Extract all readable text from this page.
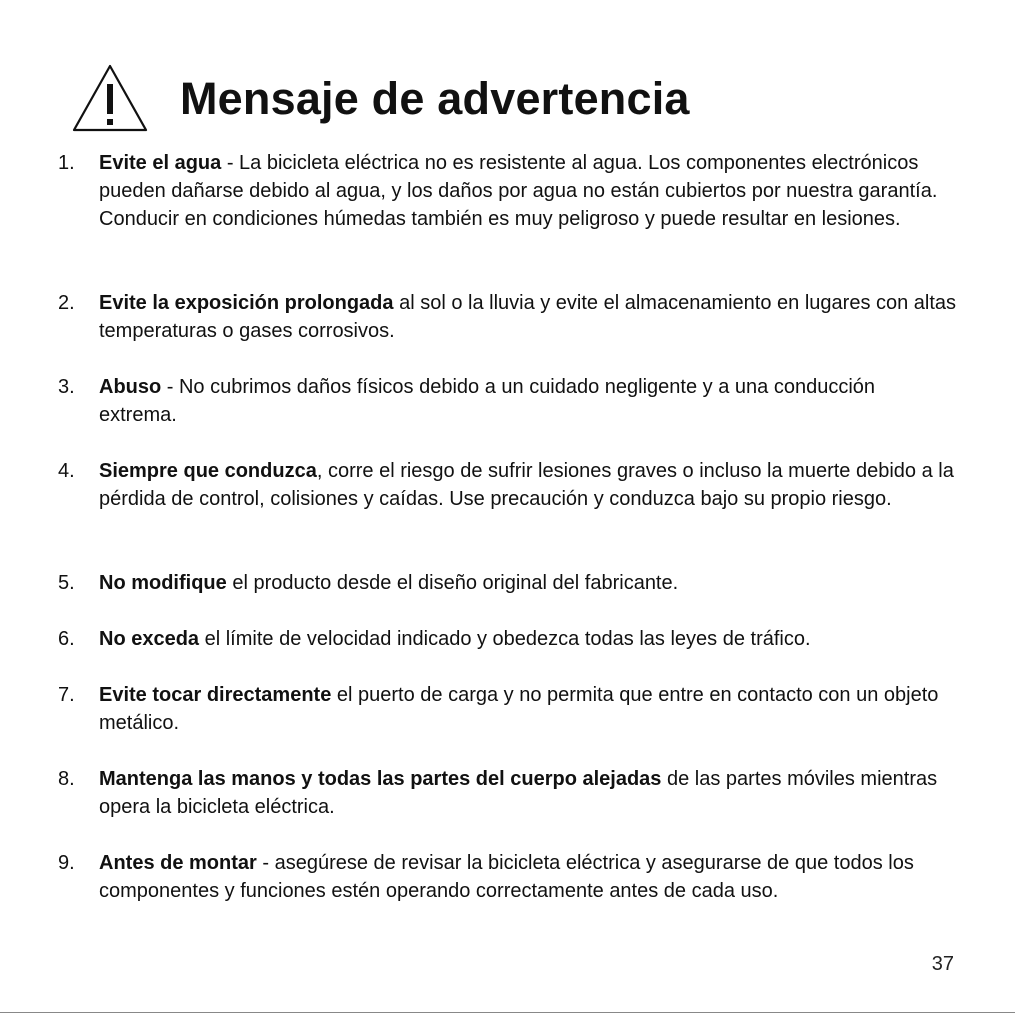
Mensaje de advertencia
1.	Evite el agua - La bicicleta eléctrica no es resistente al agua. Los componentes electrónicos pueden dañarse debido al agua, y los daños por agua no están cubiertos por nuestra garantía. Conducir en condiciones húmedas también es muy peligroso y puede resultar en lesiones.
2.	Evite la exposición prolongada al sol o la lluvia y evite el almacenamiento en lugares con altas temperaturas o gases corrosivos.
3.	Abuso - No cubrimos daños físicos debido a un cuidado negligente y a una conducción extrema.
4.	Siempre que conduzca, corre el riesgo de sufrir lesiones graves o incluso la muerte debido a la pérdida de control, colisiones y caídas. Use precaución y conduzca bajo su propio riesgo.
5.	No modifique el producto desde el diseño original del fabricante.
6.	No exceda el límite de velocidad indicado y obedezca todas las leyes de tráfico.
7.	Evite tocar directamente el puerto de carga y no permita que entre en contacto con un objeto metálico.
8.	Mantenga las manos y todas las partes del cuerpo alejadas de las partes móviles mientras opera la bicicleta eléctrica.
9.	Antes de montar - asegúrese de revisar la bicicleta eléctrica y asegurarse de que todos los componentes y funciones estén operando correctamente antes de cada uso.
37
